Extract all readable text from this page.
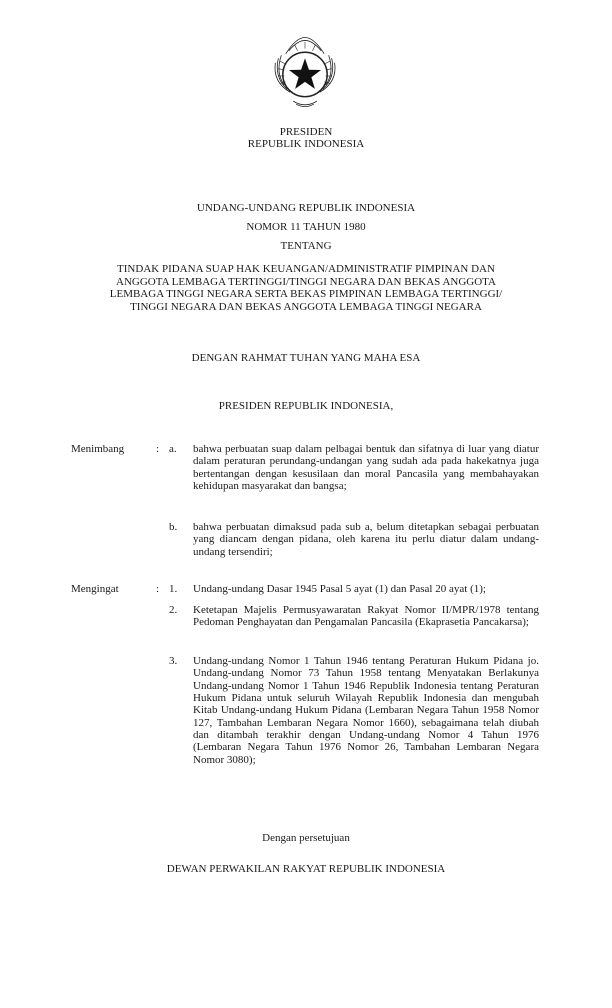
PRESIDEN
REPUBLIK INDONESIA
UNDANG-UNDANG REPUBLIK INDONESIA
NOMOR 11 TAHUN 1980
TENTANG
TINDAK PIDANA SUAP HAK KEUANGAN/ADMINISTRATIF PIMPINAN DAN
ANGGOTA LEMBAGA TERTINGGI/TINGGI NEGARA DAN BEKAS ANGGOTA
LEMBAGA TINGGI NEGARA SERTA BEKAS PIMPINAN LEMBAGA TERTINGGI/
TINGGI NEGARA DAN BEKAS ANGGOTA LEMBAGA TINGGI NEGARA
DENGAN RAHMAT TUHAN YANG MAHA ESA
PRESIDEN REPUBLIK INDONESIA,
Menimbang	: a. bahwa perbuatan suap dalam pelbagai bentuk dan sifatnya di luar yang diatur dalam peraturan perundang-undangan yang sudah ada pada hakekatnya juga bertentangan dengan kesusilaan dan moral Pancasila yang membahayakan kehidupan masyarakat dan bangsa;
b. bahwa perbuatan dimaksud pada sub a, belum ditetapkan sebagai perbuatan yang diancam dengan pidana, oleh karena itu perlu diatur dalam undang-undang tersendiri;
Mengingat	: 1. Undang-undang Dasar 1945 Pasal 5 ayat (1) dan Pasal 20 ayat (1);
2. Ketetapan Majelis Permusyawaratan Rakyat Nomor II/MPR/1978 tentang Pedoman Penghayatan dan Pengamalan Pancasila (Ekaprasetia Pancakarsa);
3. Undang-undang Nomor 1 Tahun 1946 tentang Peraturan Hukum Pidana jo. Undang-undang Nomor 73 Tahun 1958 tentang Menyatakan Berlakunya Undang-undang Nomor 1 Tahun 1946 Republik Indonesia tentang Peraturan Hukum Pidana untuk seluruh Wilayah Republik Indonesia dan mengubah Kitab Undang-undang Hukum Pidana (Lembaran Negara Tahun 1958 Nomor 127, Tambahan Lembaran Negara Nomor 1660), sebagaimana telah diubah dan ditambah terakhir dengan Undang-undang Nomor 4 Tahun 1976 (Lembaran Negara Tahun 1976 Nomor 26, Tambahan Lembaran Negara Nomor 3080);
Dengan persetujuan
DEWAN PERWAKILAN RAKYAT REPUBLIK INDONESIA
